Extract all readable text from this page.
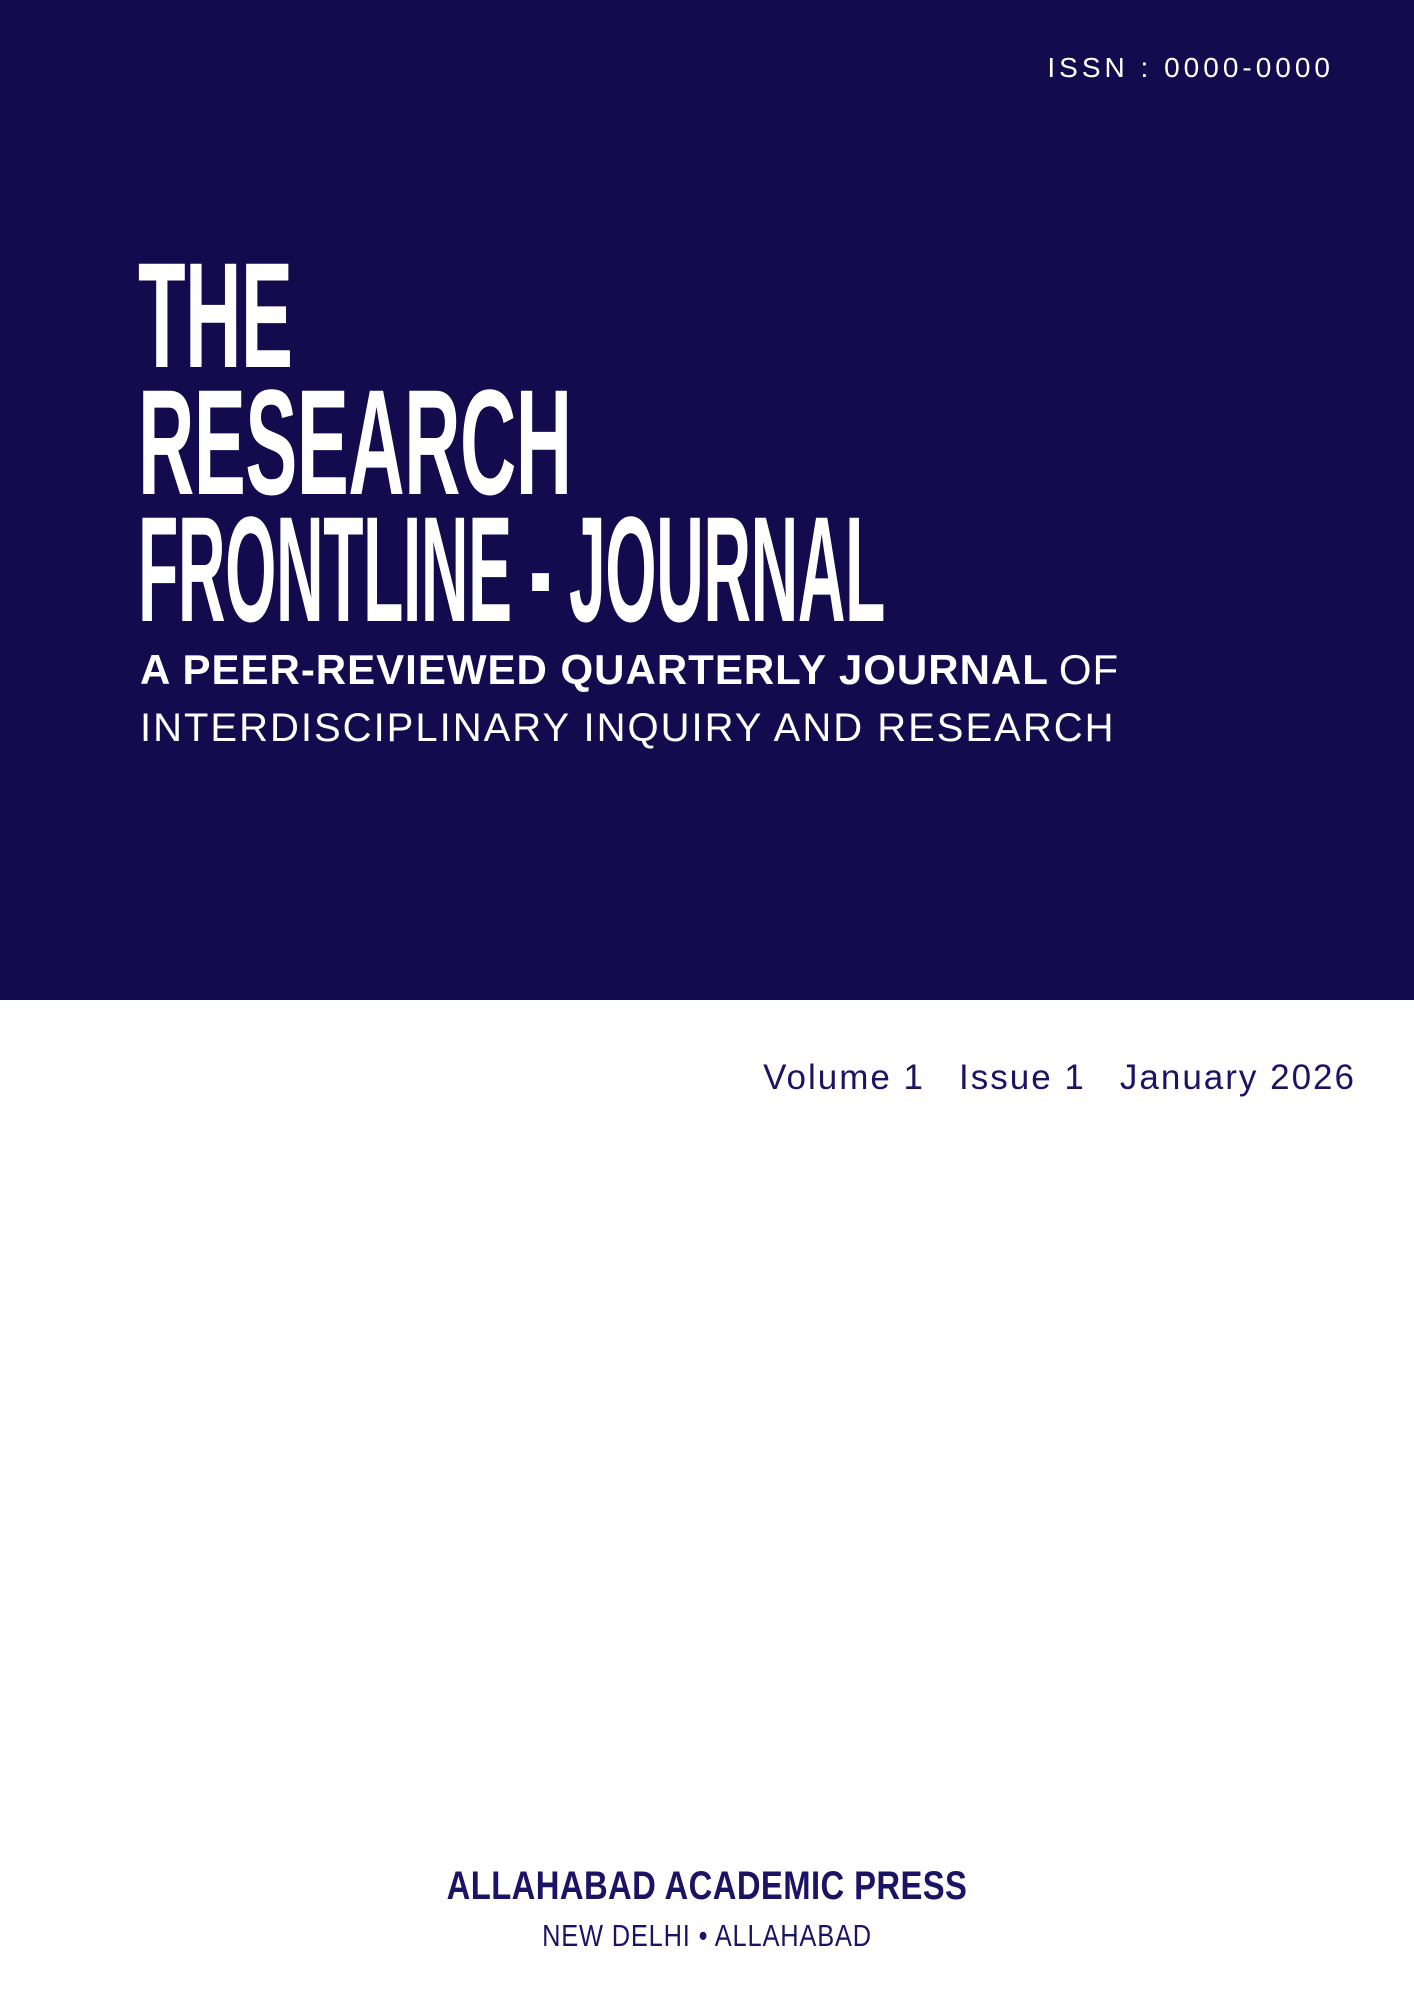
ISSN : 0000-0000
THE
RESEARCH
FRONTLINE - JOURNAL
A PEER-REVIEWED QUARTERLY JOURNAL OF
INTERDISCIPLINARY INQUIRY AND RESEARCH
Volume 1 Issue 1 January 2026
ALLAHABAD ACADEMIC PRESS
NEW DELHI • ALLAHABAD
